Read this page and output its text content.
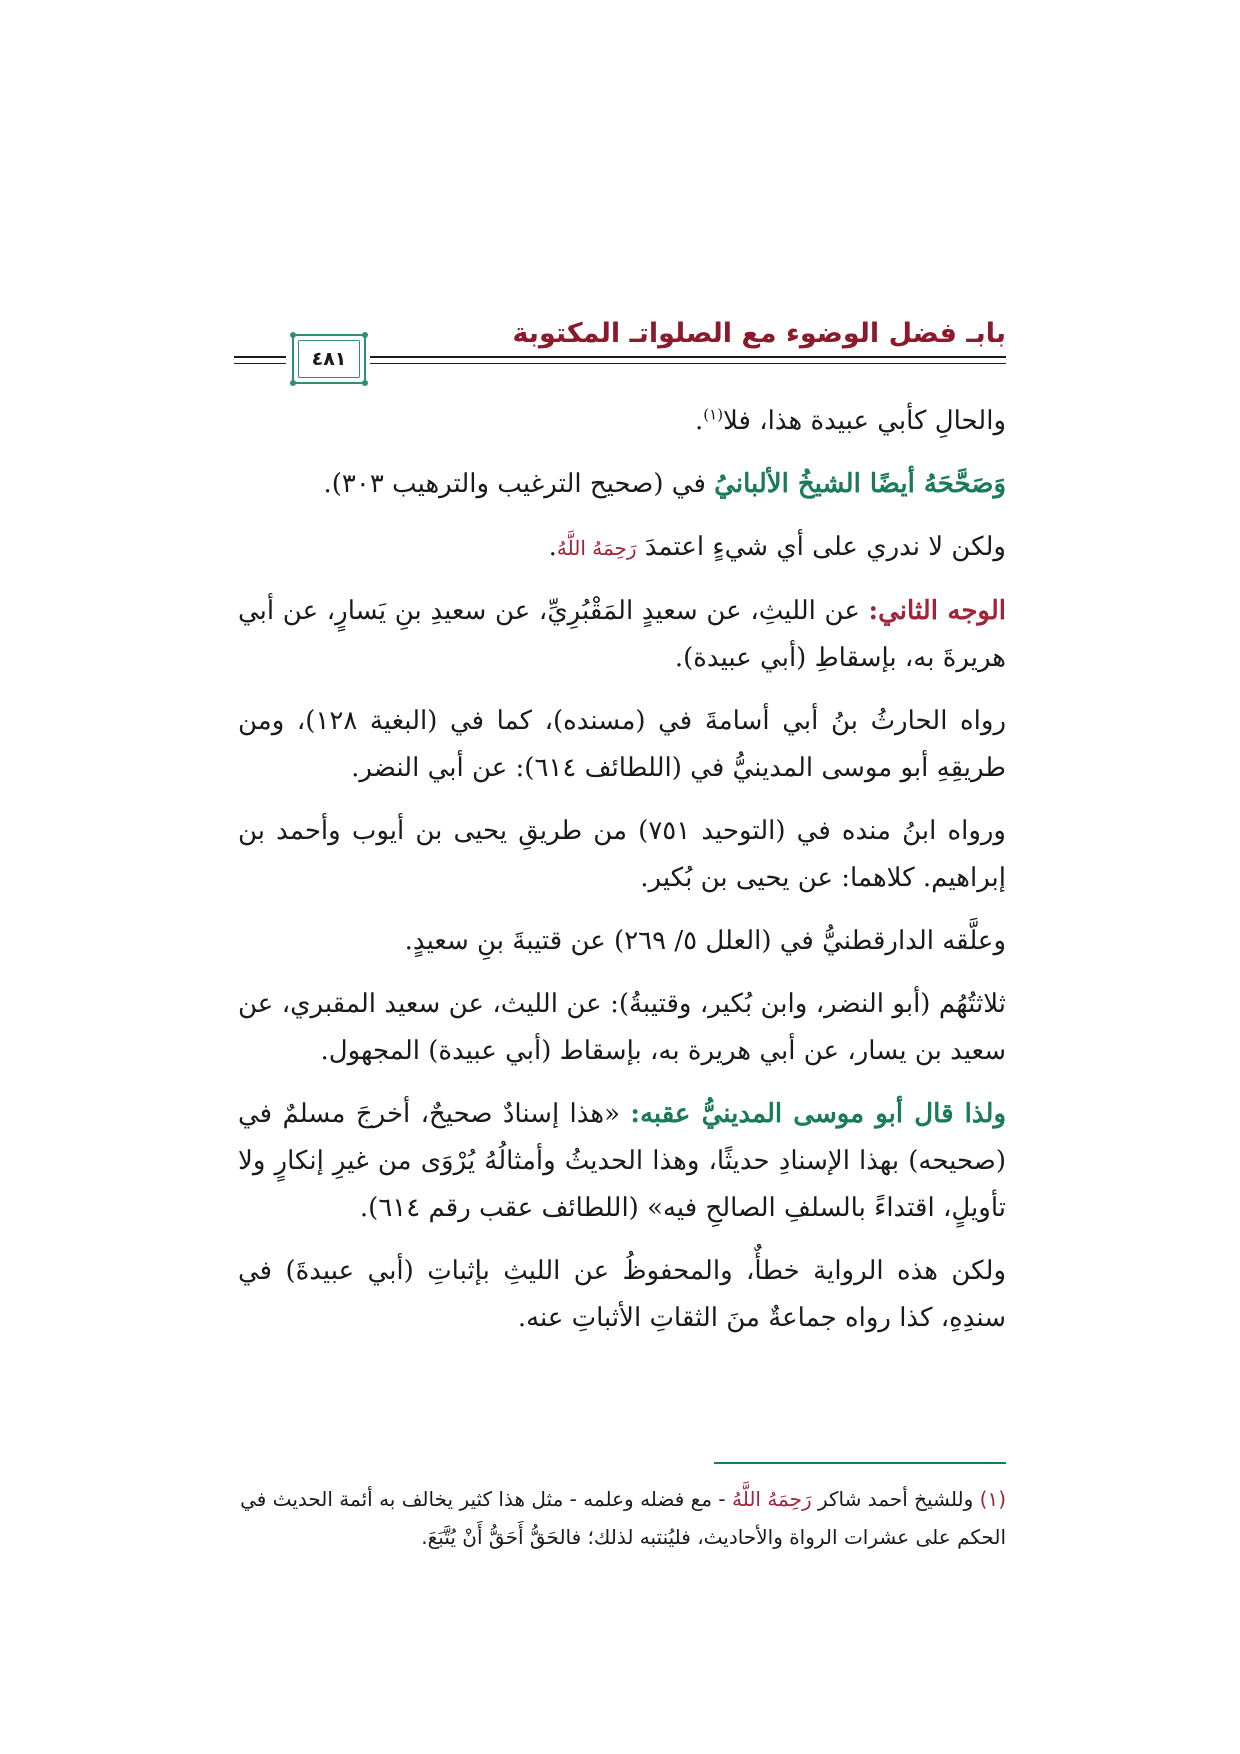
بابـ فضل الوضوء مع الصلواتـ المكتوبة
٤٨١

والحالِ كأبي عبيدة هذا، فلا$^{(١)}$.

وَصَحَّحَهُ أيضًا الشيخُ الألبانيُ في (صحيح الترغيب والترهيب ٣٠٣).

ولكن لا ندري على أي شيءٍ اعتمدَ رَحِمَهُ اللَّهُ.

الوجه الثاني: عن الليثِ، عن سعيدٍ المَقْبُرِيِّ، عن سعيدِ بنِ يَسارٍ، عن أبي هريرةَ به، بإسقاطِ (أبي عبيدة).

رواه الحارثُ بنُ أبي أسامةَ في (مسنده)، كما في (البغية ١٢٨)، ومن طريقِهِ أبو موسى المدينيُّ في (اللطائف ٦١٤): عن أبي النضر.

ورواه ابنُ منده في (التوحيد ٧٥١) من طريقِ يحيى بن أيوب وأحمد بن إبراهيم. كلاهما: عن يحيى بن بُكير.

وعلَّقه الدارقطنيُّ في (العلل ٥/ ٢٦٩) عن قتيبةَ بنِ سعيدٍ.

ثلاثتُهُم (أبو النضر، وابن بُكير، وقتيبةُ): عن الليث، عن سعيد المقبري، عن سعيد بن يسار، عن أبي هريرة به، بإسقاط (أبي عبيدة) المجهول.

ولذا قال أبو موسى المدينيُّ عقبه: «هذا إسنادٌ صحيحٌ، أخرجَ مسلمٌ في (صحيحه) بهذا الإسنادِ حديثًا، وهذا الحديثُ وأمثالُهُ يُرْوَى من غيرِ إنكارٍ ولا تأويلٍ، اقتداءً بالسلفِ الصالحِ فيه» (اللطائف عقب رقم ٦١٤).

ولكن هذه الرواية خطأٌ، والمحفوظُ عن الليثِ بإثباتِ (أبي عبيدةَ) في سندِهِ، كذا رواه جماعةٌ منَ الثقاتِ الأثباتِ عنه.

(١) وللشيخ أحمد شاكر رَحِمَهُ اللَّهُ - مع فضله وعلمه - مثل هذا كثير يخالف به أئمة الحديث في الحكم على عشرات الرواة والأحاديث، فليُنتبه لذلك؛ فالحَقُّ أَحَقُّ أَنْ يُتَّبَعَ.
